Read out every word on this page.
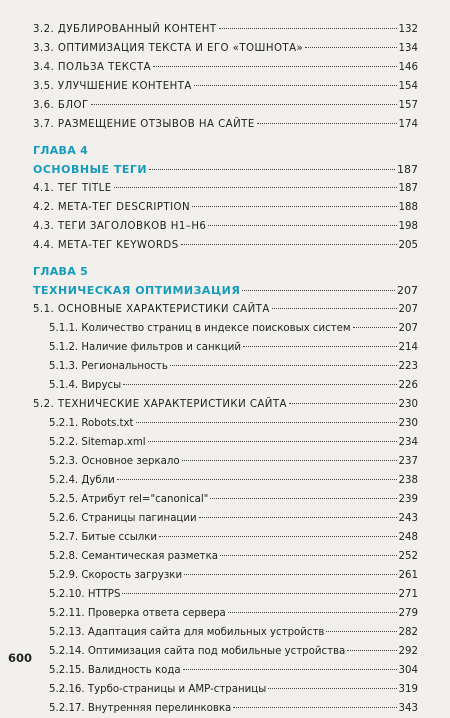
3.2. ДУБЛИРОВАННЫЙ КОНТЕНТ	132
3.3. ОПТИМИЗАЦИЯ ТЕКСТА И ЕГО «ТОШНОТА»	134
3.4. ПОЛЬЗА ТЕКСТА	146
3.5. УЛУЧШЕНИЕ КОНТЕНТА	154
3.6. БЛОГ	157
3.7. РАЗМЕЩЕНИЕ ОТЗЫВОВ НА САЙТЕ	174
ГЛАВА 4
ОСНОВНЫЕ ТЕГИ	187
4.1. ТЕГ TITLE	187
4.2. МЕТА-ТЕГ DESCRIPTION	188
4.3. ТЕГИ ЗАГОЛОВКОВ H1–H6	198
4.4. МЕТА-ТЕГ KEYWORDS	205
ГЛАВА 5
ТЕХНИЧЕСКАЯ ОПТИМИЗАЦИЯ	207
5.1. ОСНОВНЫЕ ХАРАКТЕРИСТИКИ САЙТА	207
5.1.1. Количество страниц в индексе поисковых систем	207
5.1.2. Наличие фильтров и санкций	214
5.1.3. Региональность	223
5.1.4. Вирусы	226
5.2. ТЕХНИЧЕСКИЕ ХАРАКТЕРИСТИКИ САЙТА	230
5.2.1. Robots.txt	230
5.2.2. Sitemap.xml	234
5.2.3. Основное зеркало	237
5.2.4. Дубли	238
5.2.5. Атрибут rel="canonical"	239
5.2.6. Страницы пагинации	243
5.2.7. Битые ссылки	248
5.2.8. Семантическая разметка	252
5.2.9. Скорость загрузки	261
5.2.10. HTTPS	271
5.2.11. Проверка ответа сервера	279
5.2.13. Адаптация сайта для мобильных устройств	282
5.2.14. Оптимизация сайта под мобильные устройства	292
5.2.15. Валидность кода	304
5.2.16. Турбо-страницы и AMP-страницы	319
5.2.17. Внутренняя перелинковка	343
600
